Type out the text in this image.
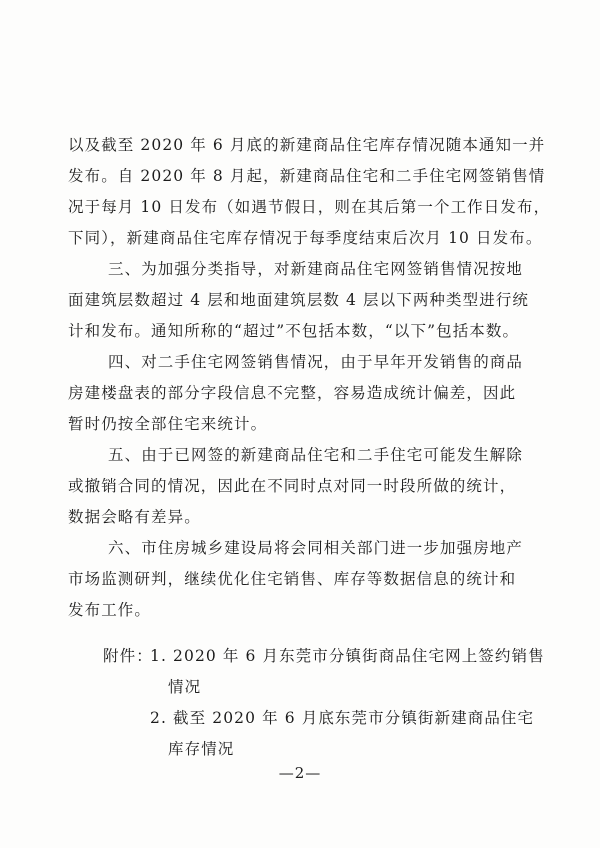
以及截至 2020 年 6 月底的新建商品住宅库存情况随本通知一并
发布。自 2020 年 8 月起，新建商品住宅和二手住宅网签销售情
况于每月 10 日发布（如遇节假日，则在其后第一个工作日发布，
下同），新建商品住宅库存情况于每季度结束后次月 10 日发布。
三、为加强分类指导，对新建商品住宅网签销售情况按地
面建筑层数超过 4 层和地面建筑层数 4 层以下两种类型进行统
计和发布。通知所称的“超过”不包括本数，“以下”包括本数。
四、对二手住宅网签销售情况，由于早年开发销售的商品
房建楼盘表的部分字段信息不完整，容易造成统计偏差，因此
暂时仍按全部住宅来统计。
五、由于已网签的新建商品住宅和二手住宅可能发生解除
或撤销合同的情况，因此在不同时点对同一时段所做的统计，
数据会略有差异。
六、市住房城乡建设局将会同相关部门进一步加强房地产
市场监测研判，继续优化住宅销售、库存等数据信息的统计和
发布工作。
附件：
1. 2020 年 6 月东莞市分镇街商品住宅网上签约销售
情况
2. 截至 2020 年 6 月底东莞市分镇街新建商品住宅
库存情况
—2—
